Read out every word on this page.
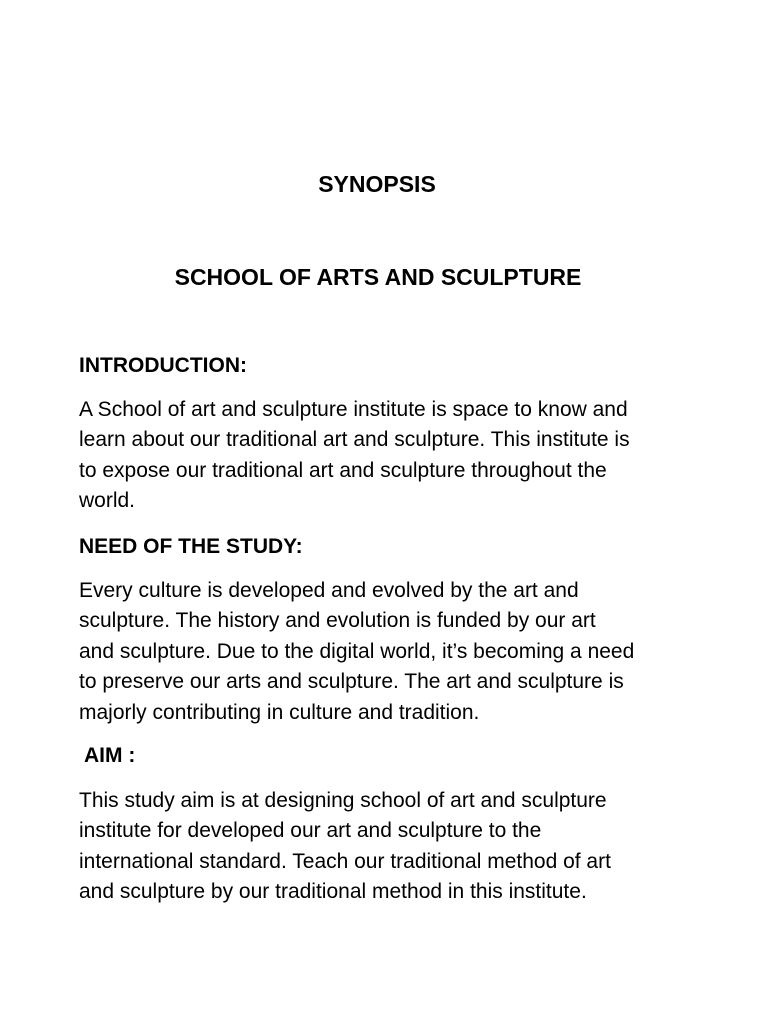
SYNOPSIS
SCHOOL OF ARTS AND SCULPTURE
INTRODUCTION:

A School of art and sculpture institute is space to know and
learn about our traditional art and sculpture. This institute is
to expose our traditional art and sculpture throughout the
world.

NEED OF THE STUDY:

Every culture is developed and evolved by the art and
sculpture. The history and evolution is funded by our art
and sculpture. Due to the digital world, it’s becoming a need
to preserve our arts and sculpture. The art and sculpture is
majorly contributing in culture and tradition.

AIM :

This study aim is at designing school of art and sculpture
institute for developed our art and sculpture to the
international standard. Teach our traditional method of art
and sculpture by our traditional method in this institute.
